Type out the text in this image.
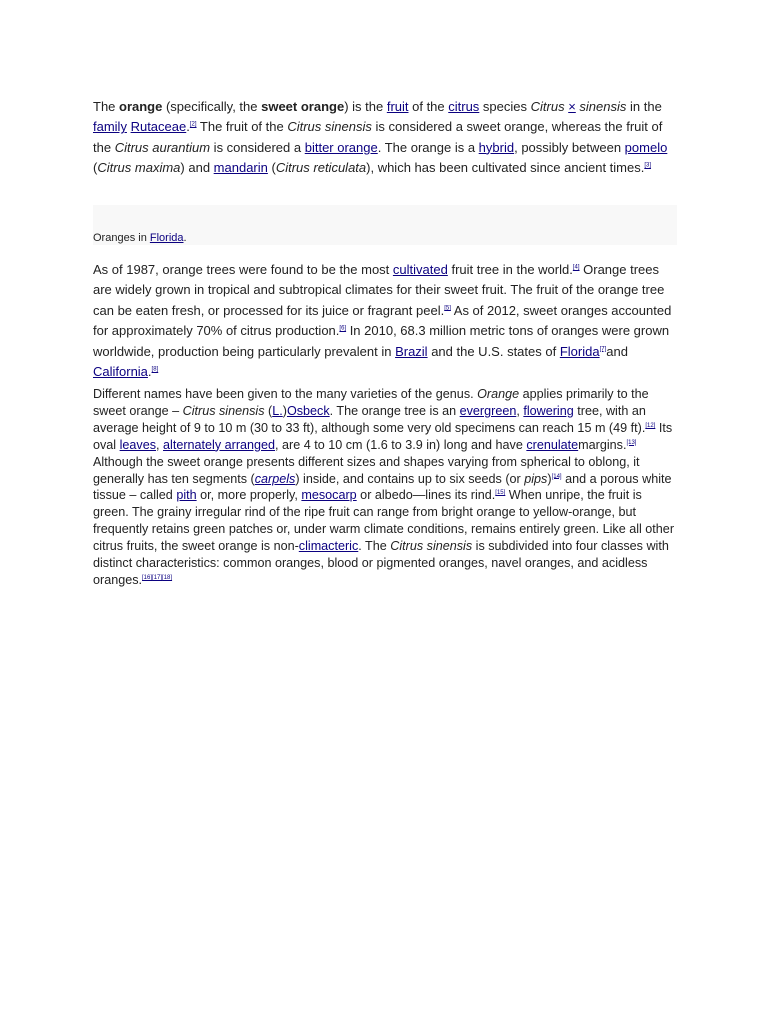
The orange (specifically, the sweet orange) is the fruit of the citrus species Citrus × sinensis in the family Rutaceae.[2] The fruit of the Citrus sinensis is considered a sweet orange, whereas the fruit of the Citrus aurantium is considered a bitter orange. The orange is a hybrid, possibly between pomelo (Citrus maxima) and mandarin (Citrus reticulata), which has been cultivated since ancient times.[3]

Oranges in Florida.

As of 1987, orange trees were found to be the most cultivated fruit tree in the world.[4] Orange trees are widely grown in tropical and subtropical climates for their sweet fruit. The fruit of the orange tree can be eaten fresh, or processed for its juice or fragrant peel.[5] As of 2012, sweet oranges accounted for approximately 70% of citrus production.[6] In 2010, 68.3 million metric tons of oranges were grown worldwide, production being particularly prevalent in Brazil and the U.S. states of Florida[7]and California.[8]

Different names have been given to the many varieties of the genus. Orange applies primarily to the sweet orange – Citrus sinensis (L.)Osbeck. The orange tree is an evergreen, flowering tree, with an average height of 9 to 10 m (30 to 33 ft), although some very old specimens can reach 15 m (49 ft).[12] Its oval leaves, alternately arranged, are 4 to 10 cm (1.6 to 3.9 in) long and have crenulatemargins.[13] Although the sweet orange presents different sizes and shapes varying from spherical to oblong, it generally has ten segments (carpels) inside, and contains up to six seeds (or pips)[14] and a porous white tissue – called pith or, more properly, mesocarp or albedo—lines its rind.[15] When unripe, the fruit is green. The grainy irregular rind of the ripe fruit can range from bright orange to yellow-orange, but frequently retains green patches or, under warm climate conditions, remains entirely green. Like all other citrus fruits, the sweet orange is non-climacteric. The Citrus sinensis is subdivided into four classes with distinct characteristics: common oranges, blood or pigmented oranges, navel oranges, and acidless oranges.[16][17][18]
